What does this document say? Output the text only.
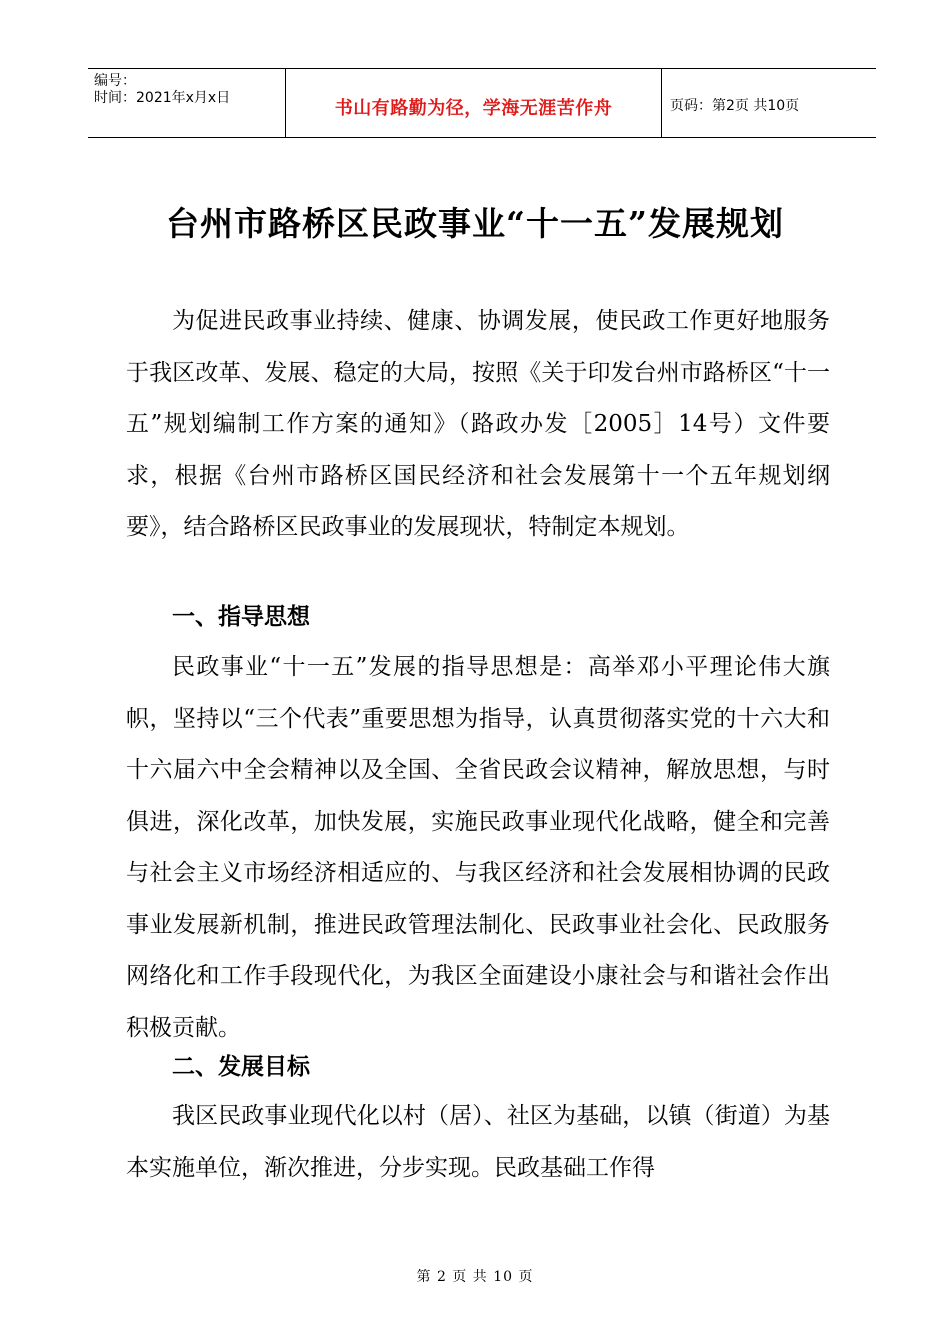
编号：
时间：2021年x月x日	书山有路勤为径，学海无涯苦作舟	页码：第2页 共10页
台州市路桥区民政事业“十一五”发展规划

为促进民政事业持续、健康、协调发展，使民政工作更好地服务于我区改革、发展、稳定的大局，按照《关于印发台州市路桥区“十一五”规划编制工作方案的通知》（路政办发［2005］14号）文件要求，根据《台州市路桥区国民经济和社会发展第十一个五年规划纲要》，结合路桥区民政事业的发展现状，特制定本规划。

一、指导思想

民政事业“十一五”发展的指导思想是：高举邓小平理论伟大旗帜，坚持以“三个代表”重要思想为指导，认真贯彻落实党的十六大和十六届六中全会精神以及全国、全省民政会议精神，解放思想，与时俱进，深化改革，加快发展，实施民政事业现代化战略，健全和完善与社会主义市场经济相适应的、与我区经济和社会发展相协调的民政事业发展新机制，推进民政管理法制化、民政事业社会化、民政服务网络化和工作手段现代化，为我区全面建设小康社会与和谐社会作出积极贡献。

二、发展目标

我区民政事业现代化以村（居）、社区为基础，以镇（街道）为基本实施单位，渐次推进，分步实现。民政基础工作得

第 2 页 共 10 页
